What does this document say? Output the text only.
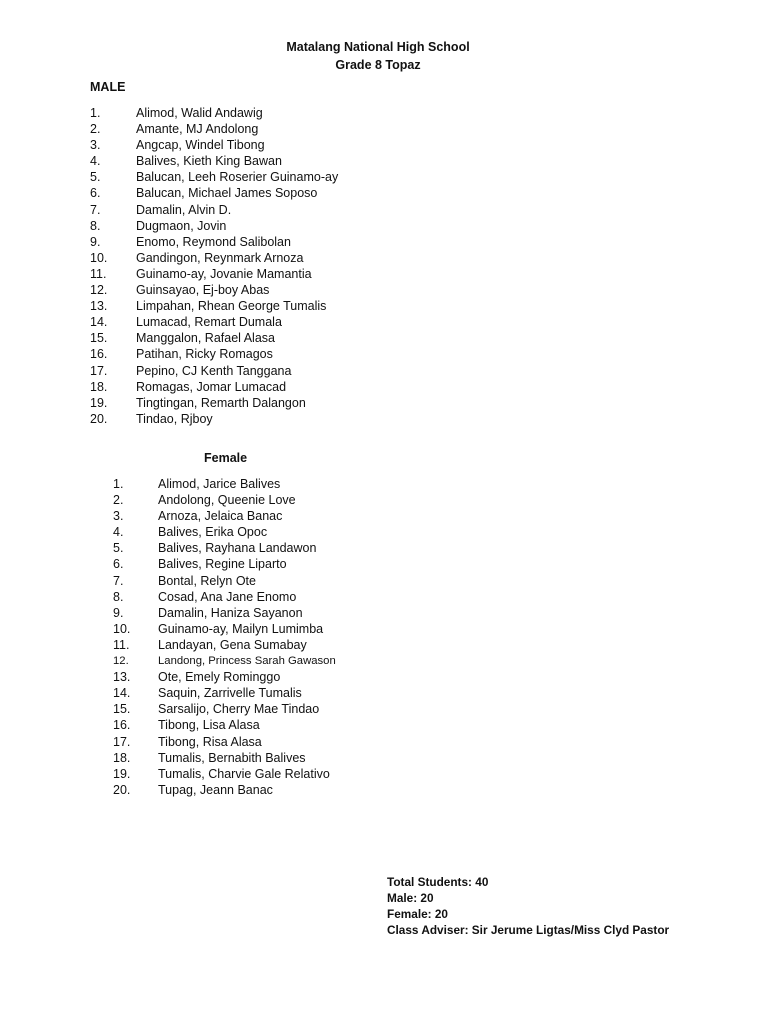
Matalang National High School
Grade 8 Topaz
MALE
1.	Alimod, Walid Andawig
2.	Amante, MJ Andolong
3.	Angcap, Windel Tibong
4.	Balives, Kieth King Bawan
5.	Balucan, Leeh Roserier Guinamo-ay
6.	Balucan, Michael James Soposo
7.	Damalin, Alvin D.
8.	Dugmaon, Jovin
9.	Enomo, Reymond Salibolan
10. Gandingon, Reynmark Arnoza
11. Guinamo-ay, Jovanie Mamantia
12. Guinsayao, Ej-boy Abas
13. Limpahan, Rhean George Tumalis
14. Lumacad, Remart Dumala
15. Manggalon, Rafael Alasa
16. Patihan, Ricky Romagos
17. Pepino, CJ Kenth Tanggana
18. Romagas, Jomar Lumacad
19. Tingtingan, Remarth Dalangon
20. Tindao, Rjboy
Female
1.	Alimod, Jarice Balives
2.	Andolong, Queenie Love
3.	Arnoza, Jelaica Banac
4.	Balives, Erika Opoc
5.	Balives, Rayhana Landawon
6.	Balives, Regine Liparto
7.	Bontal, Relyn Ote
8.	Cosad, Ana Jane Enomo
9.	Damalin, Haniza Sayanon
10. Guinamo-ay, Mailyn Lumimba
11. Landayan, Gena Sumabay
12.	Landong, Princess Sarah Gawason
13. Ote, Emely Rominggo
14. Saquin, Zarrivelle Tumalis
15. Sarsalijo, Cherry Mae Tindao
16. Tibong, Lisa Alasa
17. Tibong, Risa Alasa
18. Tumalis, Bernabith Balives
19. Tumalis, Charvie Gale Relativo
20. Tupag, Jeann Banac
Total Students: 40
Male: 20
Female: 20
Class Adviser: Sir Jerume Ligtas/Miss Clyd Pastor
